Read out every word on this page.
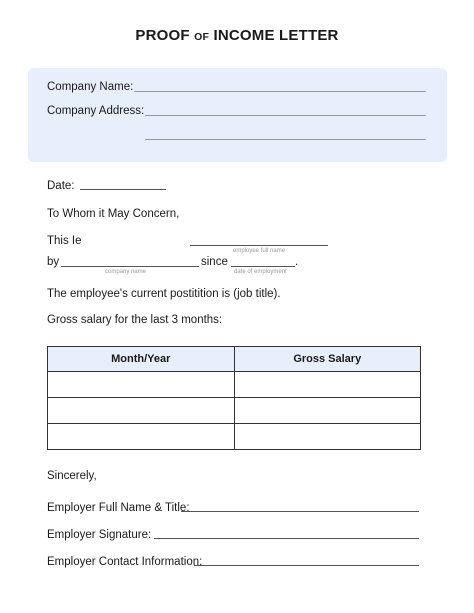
PROOF OF INCOME LETTER
Company Name:
Company Address:
Date:
To Whom it May Concern,
This Ie
employee full name
by
company name
since
date of employment
.
The employee's current postitition is (job title).
Gross salary for the last 3 months:
Month/Year	Gross Salary

Sincerely,
Employer Full Name & Title:
Employer Signature:
Employer Contact Information:
